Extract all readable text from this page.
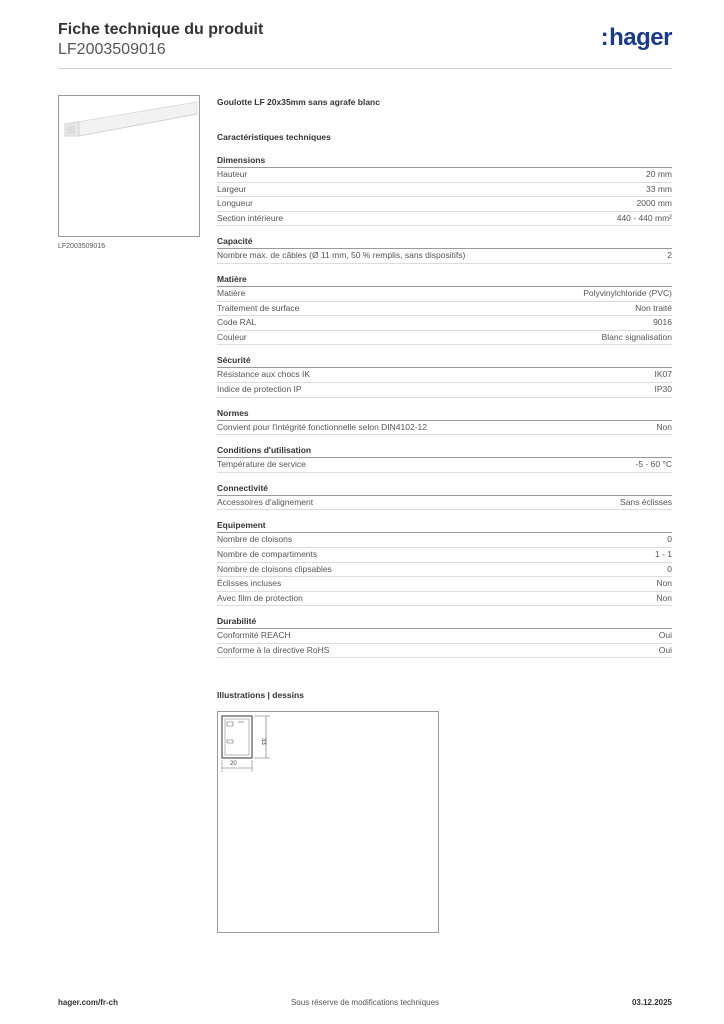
Fiche technique du produit
LF2003509016	:hager
LF2003509016
Goulotte LF 20x35mm sans agrafe blanc
Caractéristiques techniques
Dimensions
Hauteur	20 mm
Largeur	33 mm
Longueur	2000 mm
Section intérieure	440 - 440 mm²
Capacité
Nombre max. de câbles (Ø 11 mm, 50 % remplis, sans dispositifs)	2
Matière
Matière	Polyvinylchloride (PVC)
Traitement de surface	Non traité
Code RAL	9016
Couleur	Blanc signalisation
Sécurité
Résistance aux chocs IK	IK07
Indice de protection IP	IP30
Normes
Convient pour l'intégrité fonctionnelle selon DIN4102-12	Non
Conditions d'utilisation
Température de service	-5 - 60 °C
Connectivité
Accessoires d'alignement	Sans éclisses
Equipement
Nombre de cloisons	0
Nombre de compartiments	1 - 1
Nombre de cloisons clipsables	0
Éclisses incluses	Non
Avec film de protection	Non
Durabilité
Conformité REACH	Oui
Conforme à la directive RoHS	Oui
Illustrations | dessins
33
20
hager.com/fr-ch	Sous réserve de modifications techniques	03.12.2025
